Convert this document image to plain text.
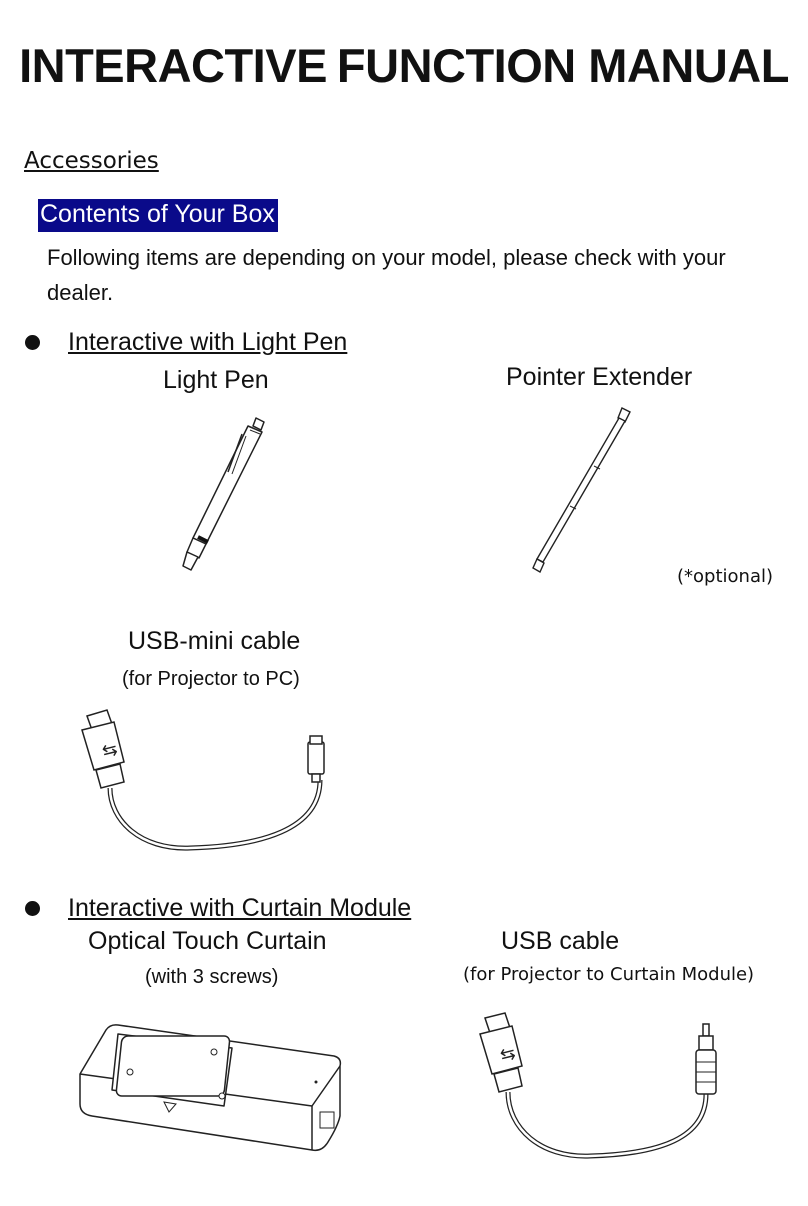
INTERACTIVE FUNCTION MANUAL
Accessories
Contents of Your Box
Following items are depending on your model, please check with your dealer.
Interactive with Light Pen
Light Pen	Pointer Extender
(*optional)
USB-mini cable
(for Projector to PC)
⇆
Interactive with Curtain Module
Optical Touch Curtain	USB cable
(with 3 screws)	(for Projector to Curtain Module)
⇆
